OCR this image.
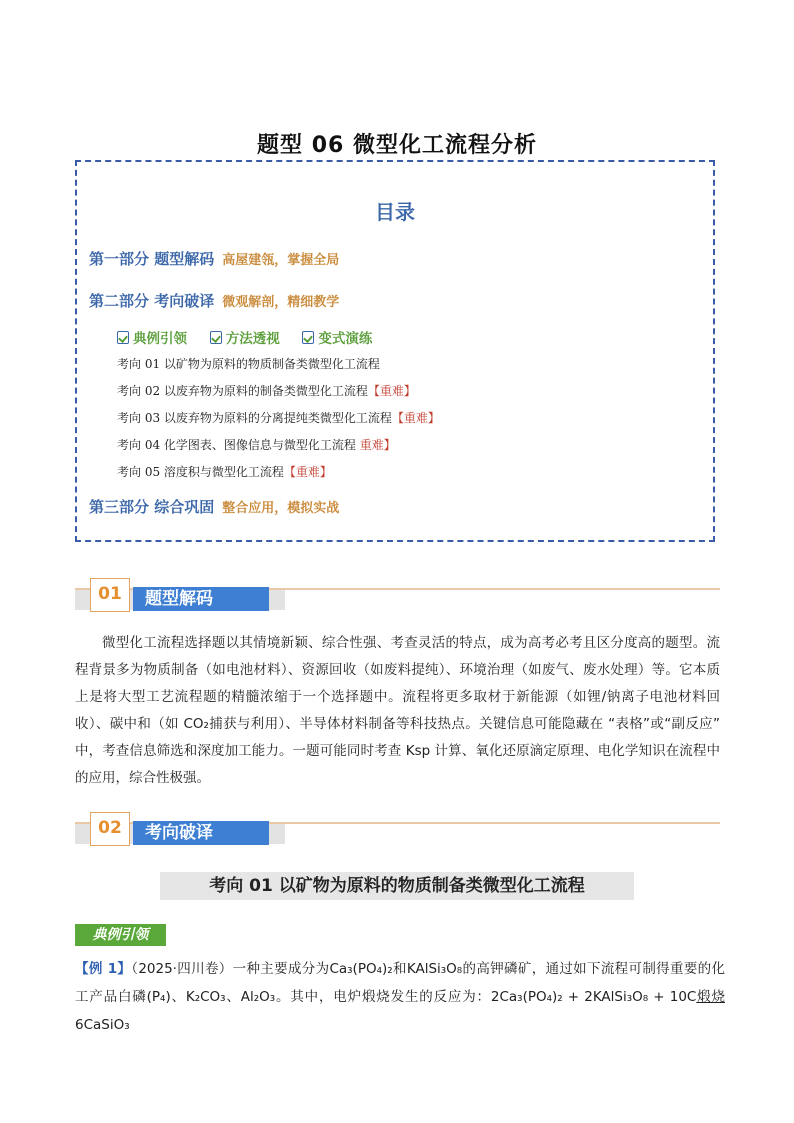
题型 06 微型化工流程分析
目录
第一部分 题型解码 高屋建瓴，掌握全局
第二部分 考向破译 微观解剖，精细教学
典例引领
	方法透视
	变式演练
考向 01 以矿物为原料的物质制备类微型化工流程
考向 02 以废弃物为原料的制备类微型化工流程【重难】
考向 03 以废弃物为原料的分离提纯类微型化工流程【重难】
考向 04 化学图表、图像信息与微型化工流程 重难】
考向 05 溶度积与微型化工流程【重难】
第三部分 综合巩固 整合应用，模拟实战
01	题型解码
微型化工流程选择题以其情境新颖、综合性强、考查灵活的特点，成为高考必考且区分度高的题型。流程背景多为物质制备（如电池材料）、资源回收（如废料提纯）、环境治理（如废气、废水处理）等。它本质上是将大型工艺流程题的精髓浓缩于一个选择题中。流程将更多取材于新能源（如锂/钠离子电池材料回收）、碳中和（如 CO₂捕获与利用）、半导体材料制备等科技热点。关键信息可能隐藏在 “表格”或“副反应” 中，考查信息筛选和深度加工能力。一题可能同时考查 Ksp 计算、氧化还原滴定原理、电化学知识在流程中的应用，综合性极强。
02	考向破译
考向 01 以矿物为原料的物质制备类微型化工流程
典例引领
【例 1】（2025·四川卷）一种主要成分为Ca₃(PO₄)₂和KAlSi₃O₈的高钾磷矿，通过如下流程可制得重要的化工产品白磷(P₄)、K₂CO₃、Al₂O₃。其中，电炉煅烧发生的反应为：2Ca₃(PO₄)₂ + 2KAlSi₃O₈ + 10C煅烧6CaSiO₃
